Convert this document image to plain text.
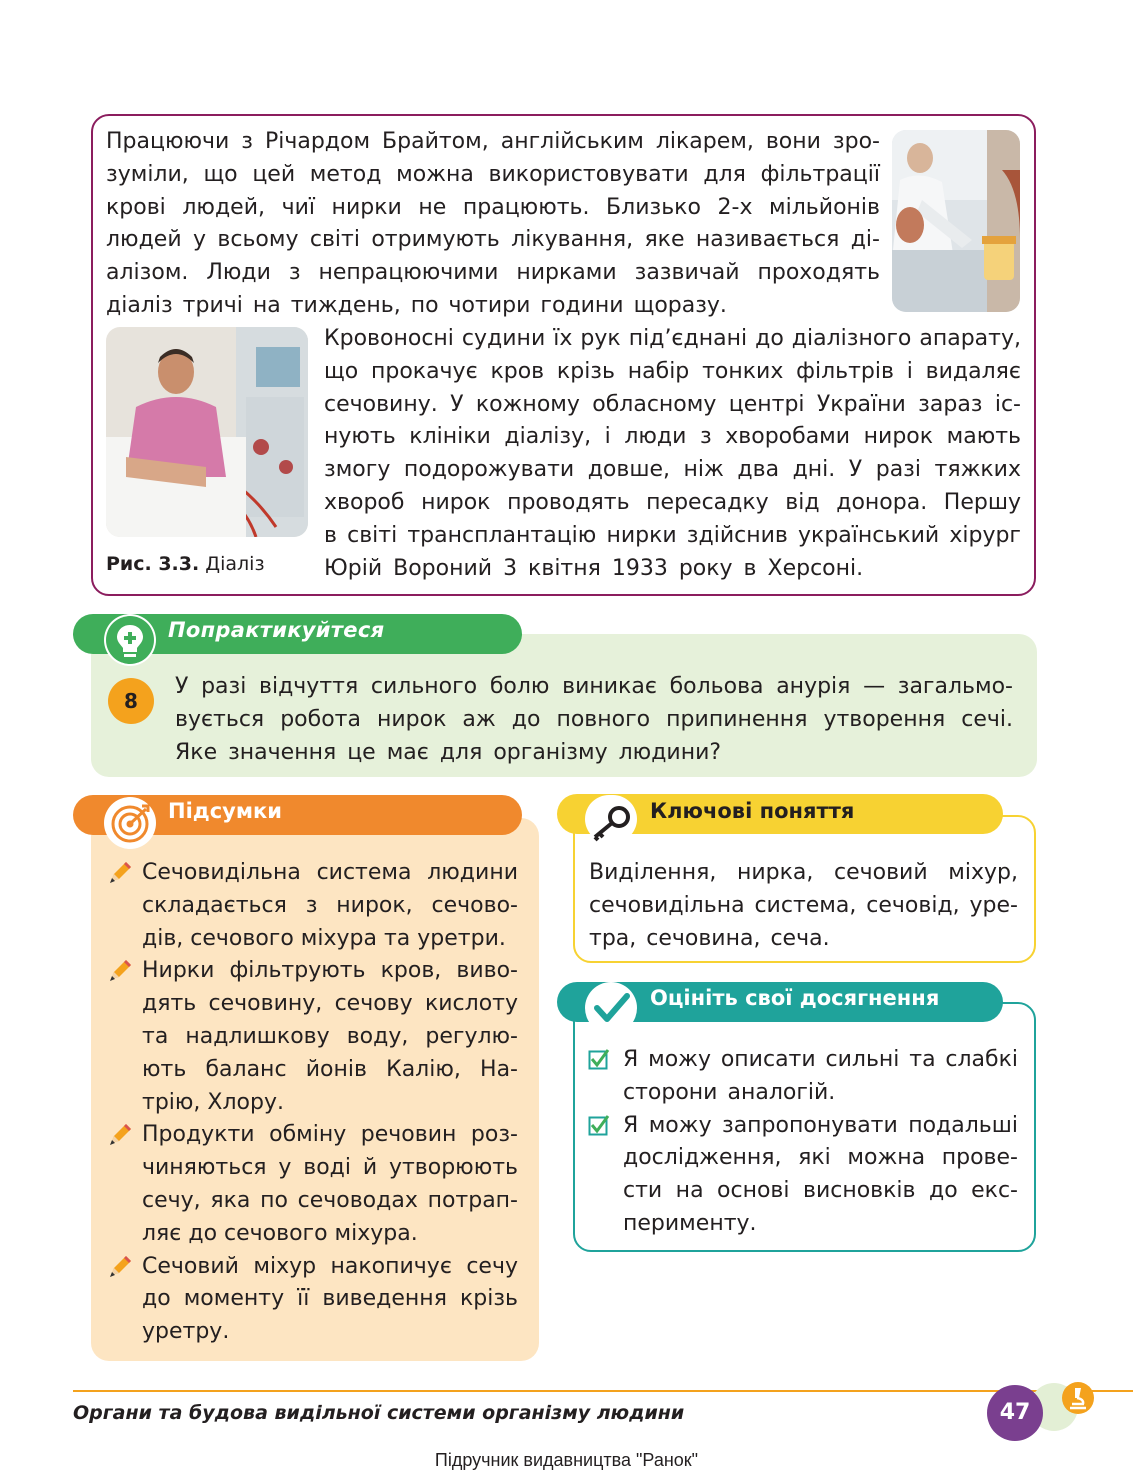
Працюючи з Річардом Брайтом, англійським лікарем, вони зро-
зуміли, що цей метод можна використовувати для фільтрації
крові людей, чиї нирки не працюють. Близько 2-х мільйонів
людей у всьому світі отримують лікування, яке називається ді-
алізом. Люди з непрацюючими нирками зазвичай проходять
діаліз тричі на тиждень, по чотири години щоразу.
Рис. 3.3. Діаліз
Кровоносні судини їх рук під’єднані до діалізного апарату,
що прокачує кров крізь набір тонких фільтрів і видаляє
сечовину. У кожному обласному центрі України зараз іс-
нують клініки діалізу, і люди з хворобами нирок мають
змогу подорожувати довше, ніж два дні. У разі тяжких
хвороб нирок проводять пересадку від донора. Першу
в світі трансплантацію нирки здійснив український хірург
Юрій Вороний 3 квітня 1933 року в Херсоні.
Попрактикуйтеся
8
У разі відчуття сильного болю виникає больова анурія — загальмо-
вується робота нирок аж до повного припинення утворення сечі.
Яке значення це має для організму людини?
Підсумки
Сечовидільна система людини
складається з нирок, сечово-
дів, сечового міхура та уретри.
Нирки фільтрують кров, виво-
дять сечовину, сечову кислоту
та надлишкову воду, регулю-
ють баланс йонів Калію, На-
трію, Хлору.
Продукти обміну речовин роз-
чиняються у воді й утворюють
сечу, яка по сечоводах потрап-
ляє до сечового міхура.
Сечовий міхур накопичує сечу
до моменту її виведення крізь
уретру.
Ключові поняття
Виділення, нирка, сечовий міхур,
сечовидільна система, сечовід, уре-
тра, сечовина, сеча.
Оцініть свої досягнення
Я можу описати сильні та слабкі
сторони аналогій.
Я можу запропонувати подальші
дослідження, які можна прове-
сти на основі висновків до екс-
перименту.
Органи та будова видільної системи організму людини	47
Підручник видавництва "Ранок"
